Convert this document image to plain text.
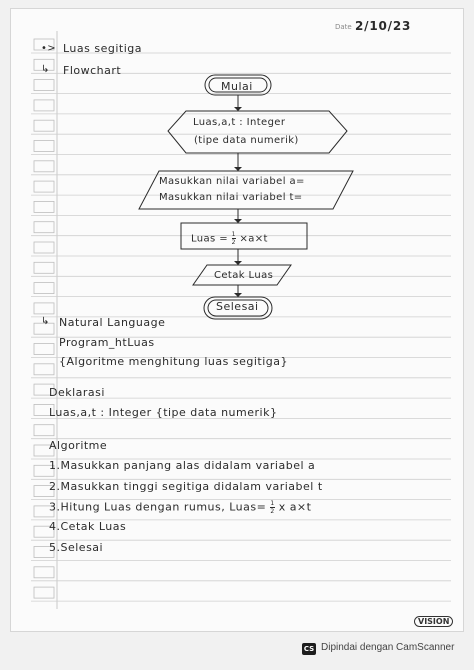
Date 2/10/23
•> Luas segitiga
↳ Flowchart
Mulai
Luas,a,t : Integer
(tipe data numerik)
Masukkan nilai variabel a=
Masukkan nilai variabel t=
Luas = $\frac{1}{2} \times a\times t$
Cetak Luas
Selesai
↳ Natural Language
Program_htLuas
{Algoritme menghitung luas segitiga}
Deklarasi
Luas,a,t : Integer {tipe data numerik}
Algoritme
1.Masukkan panjang alas didalam variabel a
2.Masukkan tinggi segitiga didalam variabel t
3.Hitung Luas dengan rumus, Luas= $\frac{1}{2}$ x a×t
4.Cetak Luas
5.Selesai
VISION
CS Dipindai dengan CamScanner
